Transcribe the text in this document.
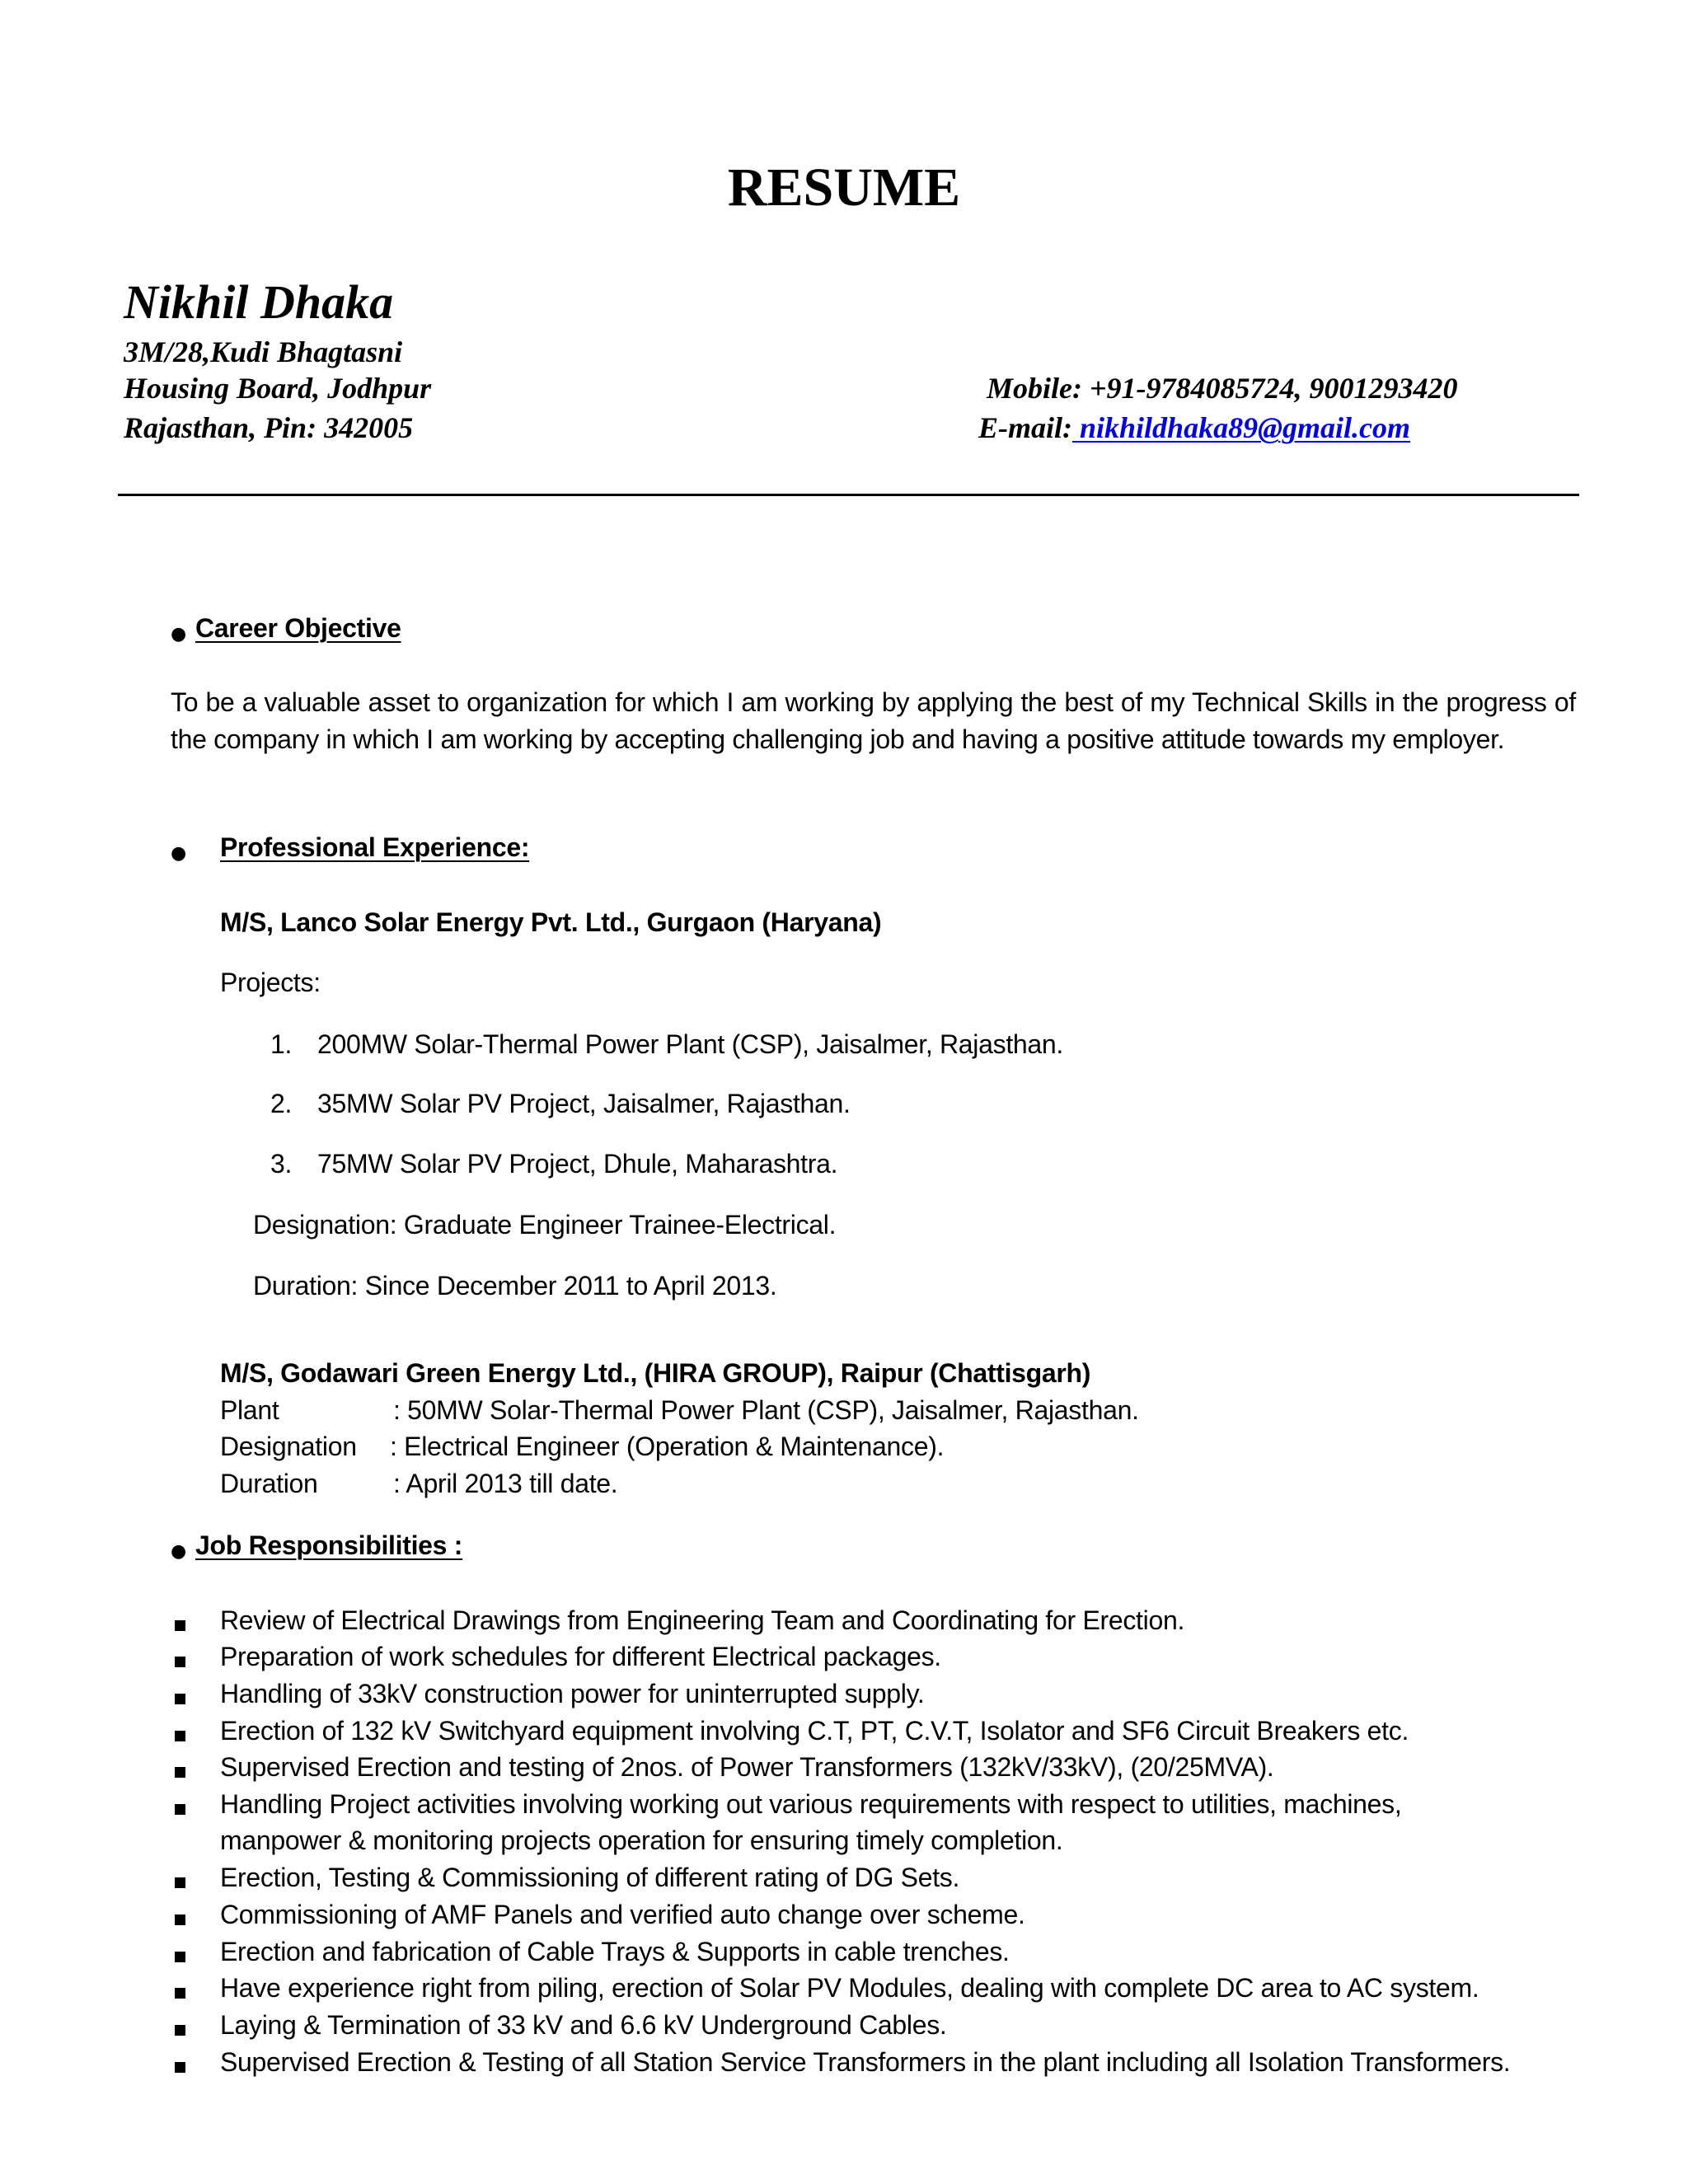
RESUME
Nikhil Dhaka
3M/28,Kudi Bhagtasni
Housing Board, Jodhpur
Rajasthan, Pin: 342005
Mobile: +91-9784085724, 9001293420
E-mail: nikhildhaka89@gmail.com
● Career Objective
To be a valuable asset to organization for which I am working by applying the best of my Technical Skills in the progress of the company in which I am working by accepting challenging job and having a positive attitude towards my employer.
● Professional Experience:
M/S, Lanco Solar Energy Pvt. Ltd., Gurgaon (Haryana)
Projects:
1. 200MW Solar-Thermal Power Plant (CSP), Jaisalmer, Rajasthan.
2. 35MW Solar PV Project, Jaisalmer, Rajasthan.
3. 75MW Solar PV Project, Dhule, Maharashtra.
Designation: Graduate Engineer Trainee-Electrical.
Duration: Since December 2011 to April 2013.
M/S, Godawari Green Energy Ltd., (HIRA GROUP), Raipur (Chattisgarh)
Plant	: 50MW Solar-Thermal Power Plant (CSP), Jaisalmer, Rajasthan.
Designation : Electrical Engineer (Operation & Maintenance).
Duration	: April 2013 till date.
● Job Responsibilities :
Review of Electrical Drawings from Engineering Team and Coordinating for Erection.
Preparation of work schedules for different Electrical packages.
Handling of 33kV construction power for uninterrupted supply.
Erection of 132 kV Switchyard equipment involving C.T, PT, C.V.T, Isolator and SF6 Circuit Breakers etc.
Supervised Erection and testing of 2nos. of Power Transformers (132kV/33kV), (20/25MVA).
Handling Project activities involving working out various requirements with respect to utilities, machines,
manpower & monitoring projects operation for ensuring timely completion.
Erection, Testing & Commissioning of different rating of DG Sets.
Commissioning of AMF Panels and verified auto change over scheme.
Erection and fabrication of Cable Trays & Supports in cable trenches.
Have experience right from piling, erection of Solar PV Modules, dealing with complete DC area to AC system.
Laying & Termination of 33 kV and 6.6 kV Underground Cables.
Supervised Erection & Testing of all Station Service Transformers in the plant including all Isolation Transformers.
